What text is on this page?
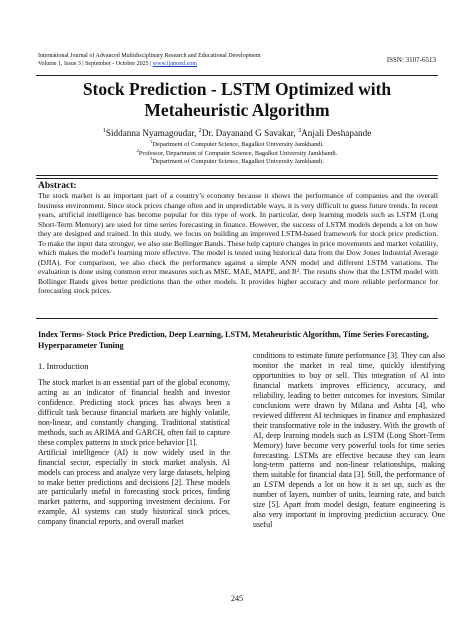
International Journal of Advanced Multidisciplinary Research and Educational Development
Volume 1, Issue 3 | September - October 2025 | www.ijamred.com	ISSN: 3107-6513
Stock Prediction - LSTM Optimized with
Metaheuristic Algorithm
$^1$Siddanna Nyamagoudar, $^2$Dr. Dayanand G Savakar, $^3$Anjali Deshapande
$^1$Department of Computer Science, Bagalkot University Jamkhandi.
$^2$Professor, Department of Computer Science, Bagalkot University Jamkhandi.
$^3$Department of Computer Science, Bagalkot University Jamkhandi.
Abstract:
The stock market is an important part of a country’s economy because it shows the performance of companies and the overall business environment. Since stock prices change often and in unpredictable ways, it is very difficult to guess future trends. In recent years, artificial intelligence has become popular for this type of work. In particular, deep learning models such as LSTM (Long Short-Term Memory) are used for time series forecasting in finance. However, the success of LSTM models depends a lot on how they are designed and trained. In this study, we focus on building an improved LSTM-based framework for stock price prediction. To make the input data stronger, we also use Bollinger Bands. These help capture changes in price movements and market volatility, which makes the model’s learning more effective. The model is tested using historical data from the Dow Jones Industrial Average (DJIA). For comparison, we also check the performance against a simple ANN model and different LSTM variations. The evaluation is done using common error measures such as MSE, MAE, MAPE, and R². The results show that the LSTM model with Bollinger Bands gives better predictions than the other models. It provides higher accuracy and more reliable performance for forecasting stock prices.
Index Terms- Stock Price Prediction, Deep Learning, LSTM, Metaheuristic Algorithm, Time Series Forecasting, Hyperparameter Tuning
1. Introduction

The stock market is an essential part of the global economy, acting as an indicator of financial health and investor confidence. Predicting stock prices has always been a difficult task because financial markets are highly volatile, non-linear, and constantly changing. Traditional statistical methods, such as ARIMA and GARCH, often fail to capture these complex patterns in stock price behavior [1].

Artificial intelligence (AI) is now widely used in the financial sector, especially in stock market analysis. AI models can process and analyze very large datasets, helping to make better predictions and decisions [2]. These models are particularly useful in forecasting stock prices, finding market patterns, and supporting investment decisions. For example, AI systems can study historical stock prices, company financial reports, and overall market

conditions to estimate future performance [3]. They can also monitor the market in real time, quickly identifying opportunities to buy or sell. This integration of AI into financial markets improves efficiency, accuracy, and reliability, leading to better outcomes for investors. Similar conclusions were drawn by Milana and Ashta [4], who reviewed different AI techniques in finance and emphasized their transformative role in the industry. With the growth of AI, deep learning models such as LSTM (Long Short-Term Memory) have become very powerful tools for time series forecasting. LSTMs are effective because they can learn long-term patterns and non-linear relationships, making them suitable for financial data [3]. Still, the performance of an LSTM depends a lot on how it is set up, such as the number of layers, number of units, learning rate, and batch size [5]. Apart from model design, feature engineering is also very important in improving prediction accuracy. One useful

245
